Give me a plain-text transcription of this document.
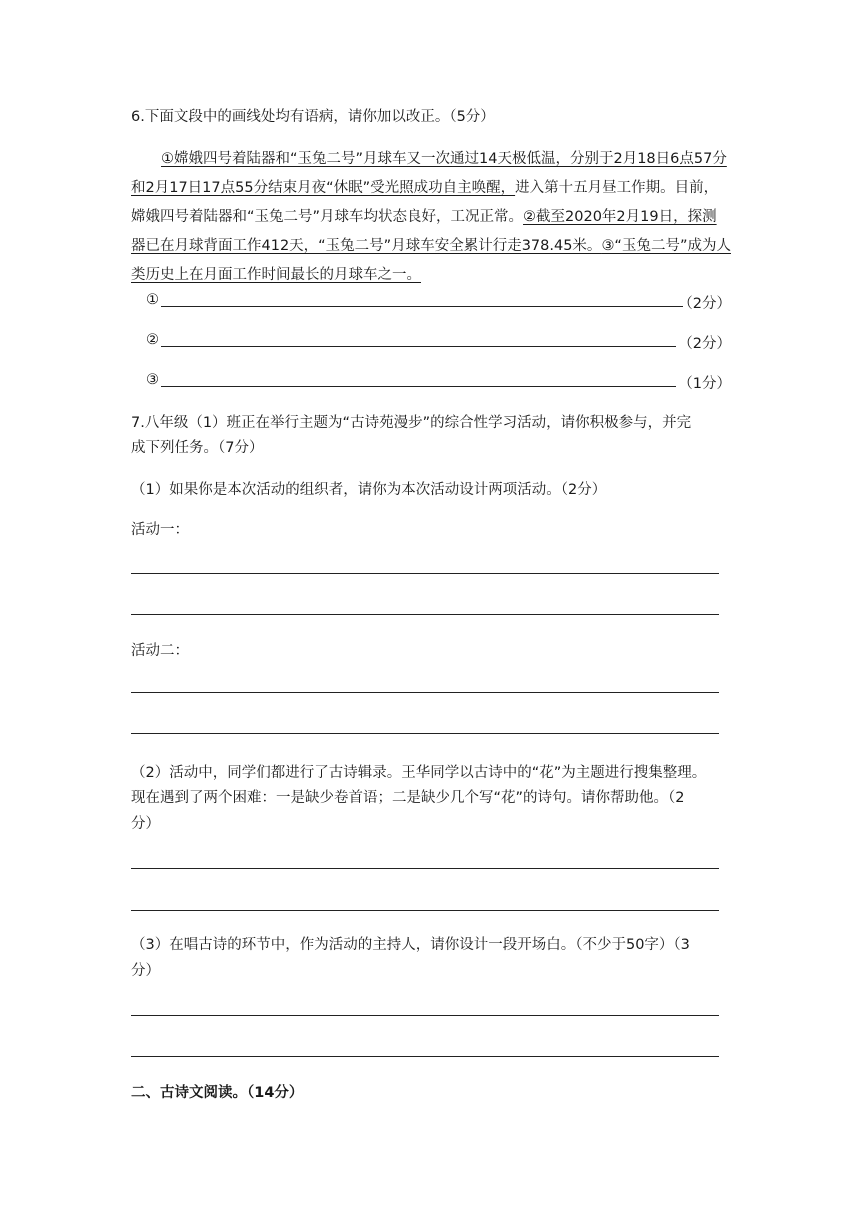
6.下面文段中的画线处均有语病，请你加以改正。（5分）
①嫦娥四号着陆器和“玉兔二号”月球车又一次通过14天极低温，分别于2月18日6点57分和2月17日17点55分结束月夜“休眠”受光照成功自主唤醒，进入第十五月昼工作期。目前，嫦娥四号着陆器和“玉兔二号”月球车均状态良好，工况正常。②截至2020年2月19日，探测器已在月球背面工作412天，“玉兔二号”月球车安全累计行走378.45米。③“玉兔二号”成为人类历史上在月面工作时间最长的月球车之一。
①	（2分）
②	（2分）
③	（1分）
7.八年级（1）班正在举行主题为“古诗苑漫步”的综合性学习活动，请你积极参与，并完
成下列任务。（7分）
（1）如果你是本次活动的组织者，请你为本次活动设计两项活动。（2分）
活动一：
活动二：
（2）活动中，同学们都进行了古诗辑录。王华同学以古诗中的“花”为主题进行搜集整理。
现在遇到了两个困难：一是缺少卷首语；二是缺少几个写“花”的诗句。请你帮助他。（2
分）
（3）在唱古诗的环节中，作为活动的主持人，请你设计一段开场白。（不少于50字）（3
分）
二、古诗文阅读。（14分）
